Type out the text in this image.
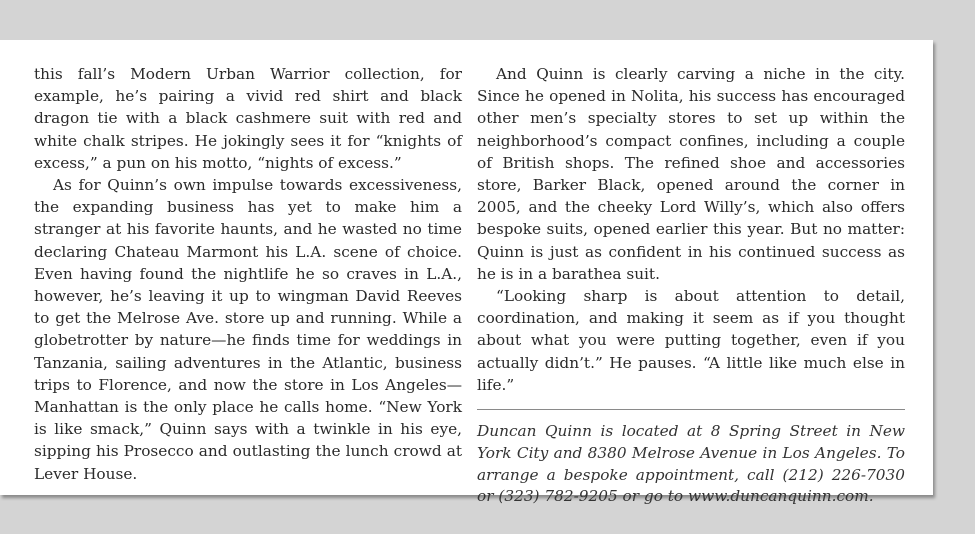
this fall’s Modern Urban Warrior collection, for example, he’s pairing a vivid red shirt and black dragon tie with a black cashmere suit with red and white chalk stripes. He jokingly sees it for “knights of excess,” a pun on his motto, “nights of excess.”

As for Quinn’s own impulse towards excessiveness, the expanding business has yet to make him a stranger at his favorite haunts, and he wasted no time declaring Chateau Marmont his L.A. scene of choice. Even having found the nightlife he so craves in L.A., however, he’s leaving it up to wingman David Reeves to get the Melrose Ave. store up and running. While a globetrotter by nature—he finds time for weddings in Tanzania, sailing adventures in the Atlantic, business trips to Florence, and now the store in Los Angeles—Manhattan is the only place he calls home. “New York is like smack,” Quinn says with a twinkle in his eye, sipping his Prosecco and outlasting the lunch crowd at Lever House.

And Quinn is clearly carving a niche in the city. Since he opened in Nolita, his success has encouraged other men’s specialty stores to set up within the neighborhood’s compact confines, including a couple of British shops. The refined shoe and accessories store, Barker Black, opened around the corner in 2005, and the cheeky Lord Willy’s, which also offers bespoke suits, opened earlier this year. But no matter: Quinn is just as confident in his continued success as he is in a barathea suit.

“Looking sharp is about attention to detail, coordination, and making it seem as if you thought about what you were putting together, even if you actually didn’t.” He pauses. “A little like much else in life.”

Duncan Quinn is located at 8 Spring Street in New York City and 8380 Melrose Avenue in Los Angeles. To arrange a bespoke appointment, call (212) 226-7030 or (323) 782-9205 or go to www.duncanquinn.com.
